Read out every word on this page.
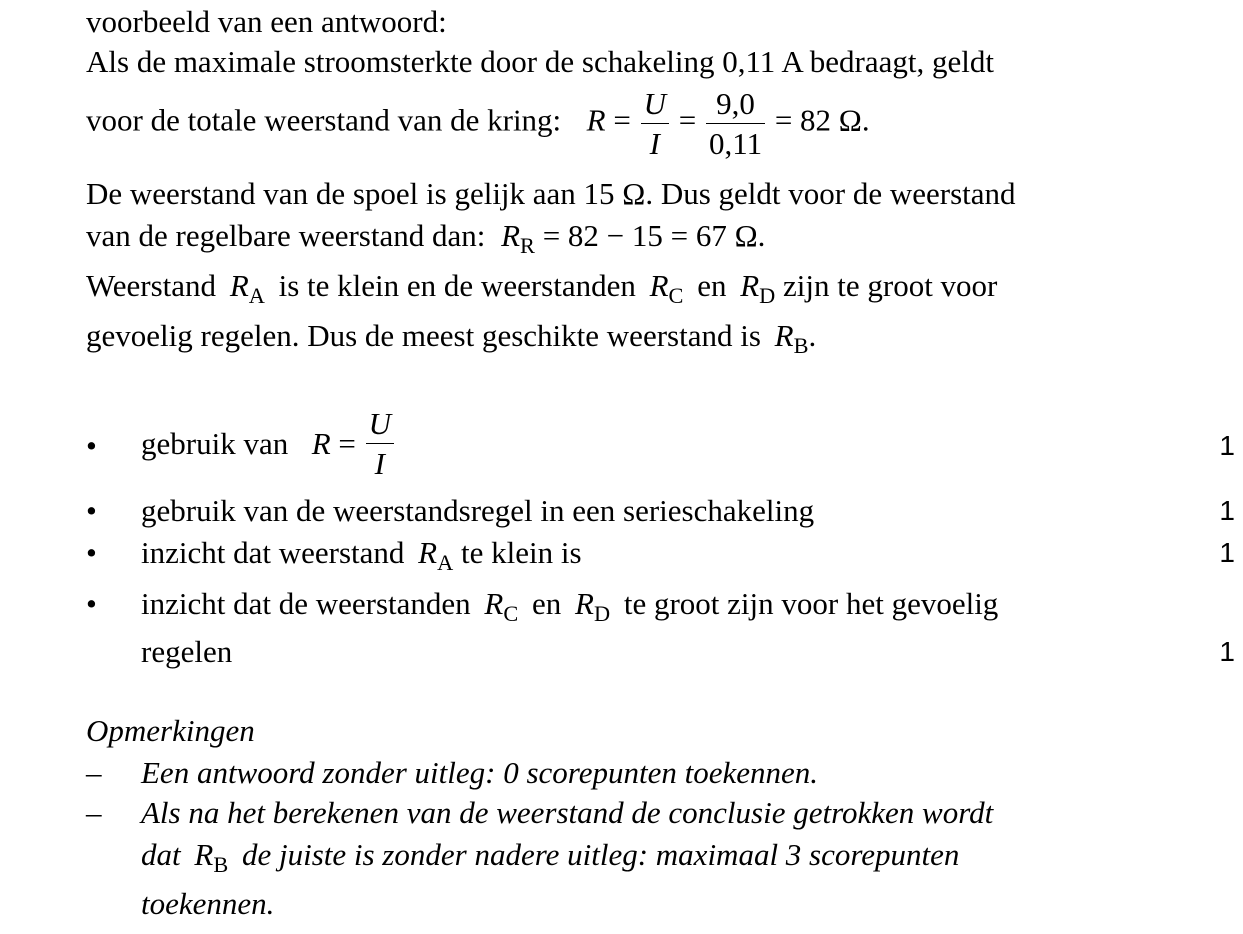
voorbeeld van een antwoord:
Als de maximale stroomsterkte door de schakeling 0,11 A bedraagt, geldt
voor de totale weerstand van de kring: $R = \frac{U}{I} = \frac{9,0}{0,11} = 82$ Ω.
De weerstand van de spoel is gelijk aan 15 Ω. Dus geldt voor de weerstand
van de regelbare weerstand dan: $R_R = 82 - 15 = 67$ Ω.
Weerstand $R_A$ is te klein en de weerstanden $R_C$ en $R_D$ zijn te groot voor
gevoelig regelen. Dus de meest geschikte weerstand is $R_B$.
• gebruik van $R = \frac{U}{I}$	1
• gebruik van de weerstandsregel in een serieschakeling	1
• inzicht dat weerstand $R_A$ te klein is	1
• inzicht dat de weerstanden $R_C$ en $R_D$ te groot zijn voor het gevoelig
regelen	1
Opmerkingen
– Een antwoord zonder uitleg: 0 scorepunten toekennen.
– Als na het berekenen van de weerstand de conclusie getrokken wordt
dat $R_B$ de juiste is zonder nadere uitleg: maximaal 3 scorepunten
toekennen.
